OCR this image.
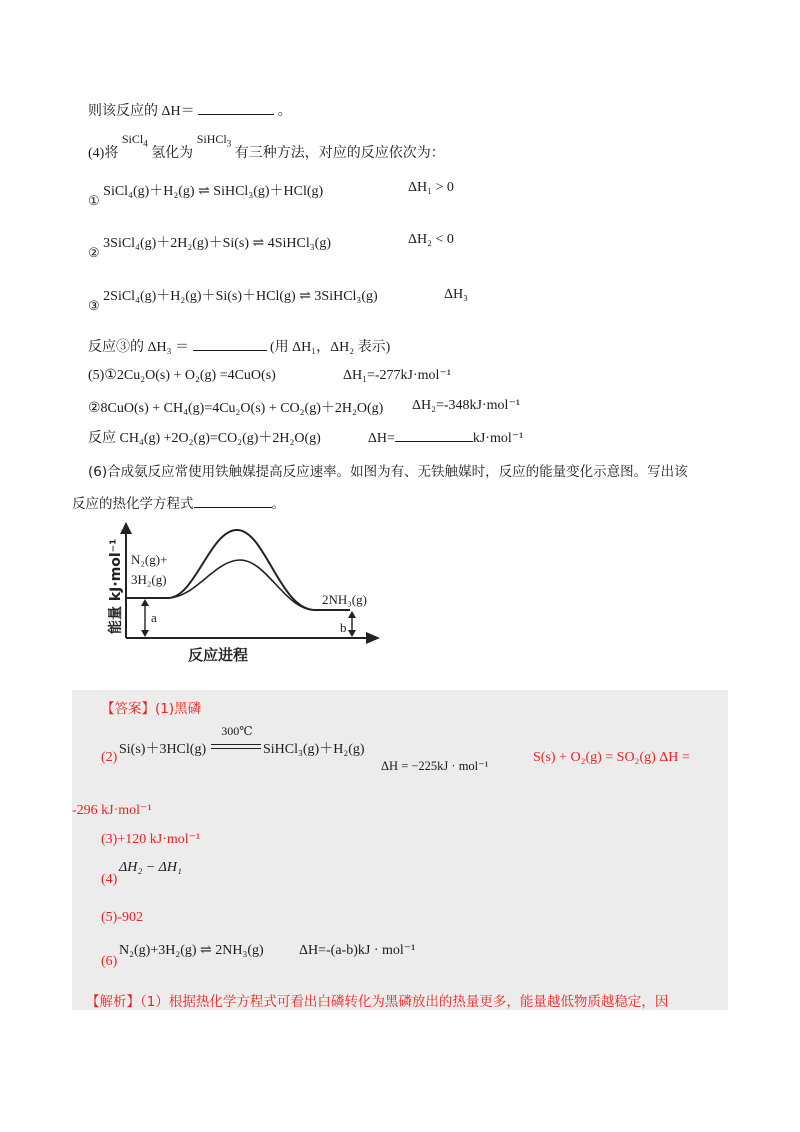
则该反应的 ΔH＝	。
(4)将 SiCl$_4$ 氢化为 SiHCl$_3$ 有三种方法，对应的反应依次为：
① SiCl₄(g)＋H₂(g) ⇌ SiHCl₃(g)＋HCl(g)	ΔH₁ > 0
② 3SiCl₄(g)＋2H₂(g)＋Si(s) ⇌ 4SiHCl₃(g)	ΔH₂ < 0
③ 2SiCl₄(g)＋H₂(g)＋Si(s)＋HCl(g) ⇌ 3SiHCl₃(g)	ΔH₃
反应③的 ΔH₃ ＝	(用 ΔH₁，ΔH₂ 表示)
(5)①2Cu₂O(s) + O₂(g) =4CuO(s)	ΔH₁=-277kJ·mol⁻¹
②8CuO(s) + CH₄(g)=4Cu₂O(s) + CO₂(g)＋2H₂O(g) ΔH₂=-348kJ·mol⁻¹
反应 CH₄(g) +2O₂(g)=CO₂(g)＋2H₂O(g)	ΔH=	kJ·mol⁻¹
(6)合成氨反应常使用铁触媒提高反应速率。如图为有、无铁触媒时，反应的能量变化示意图。写出该
反应的热化学方程式	。
能量 kJ·mol⁻¹ N₂(g)+
3H₂(g)
2NH₃(g)
a
b
反应进程
【答案】(1)黑磷
(2)
Si(s)＋3HCl(g)
300℃
SiHCl₃(g)＋H₂(g)
ΔH = −225kJ · mol⁻¹
S(s) + O₂(g) = SO₂(g) ΔH =
-296 kJ·mol⁻¹
(3)+120 kJ·mol⁻¹
(4)
ΔH₂ − ΔH₁
(5)-902
(6)
N₂(g)+3H₂(g) ⇌ 2NH₃(g)	ΔH=-(a-b)kJ · mol⁻¹
【解析】（1）根据热化学方程式可看出白磷转化为黑磷放出的热量更多，能量越低物质越稳定，因
